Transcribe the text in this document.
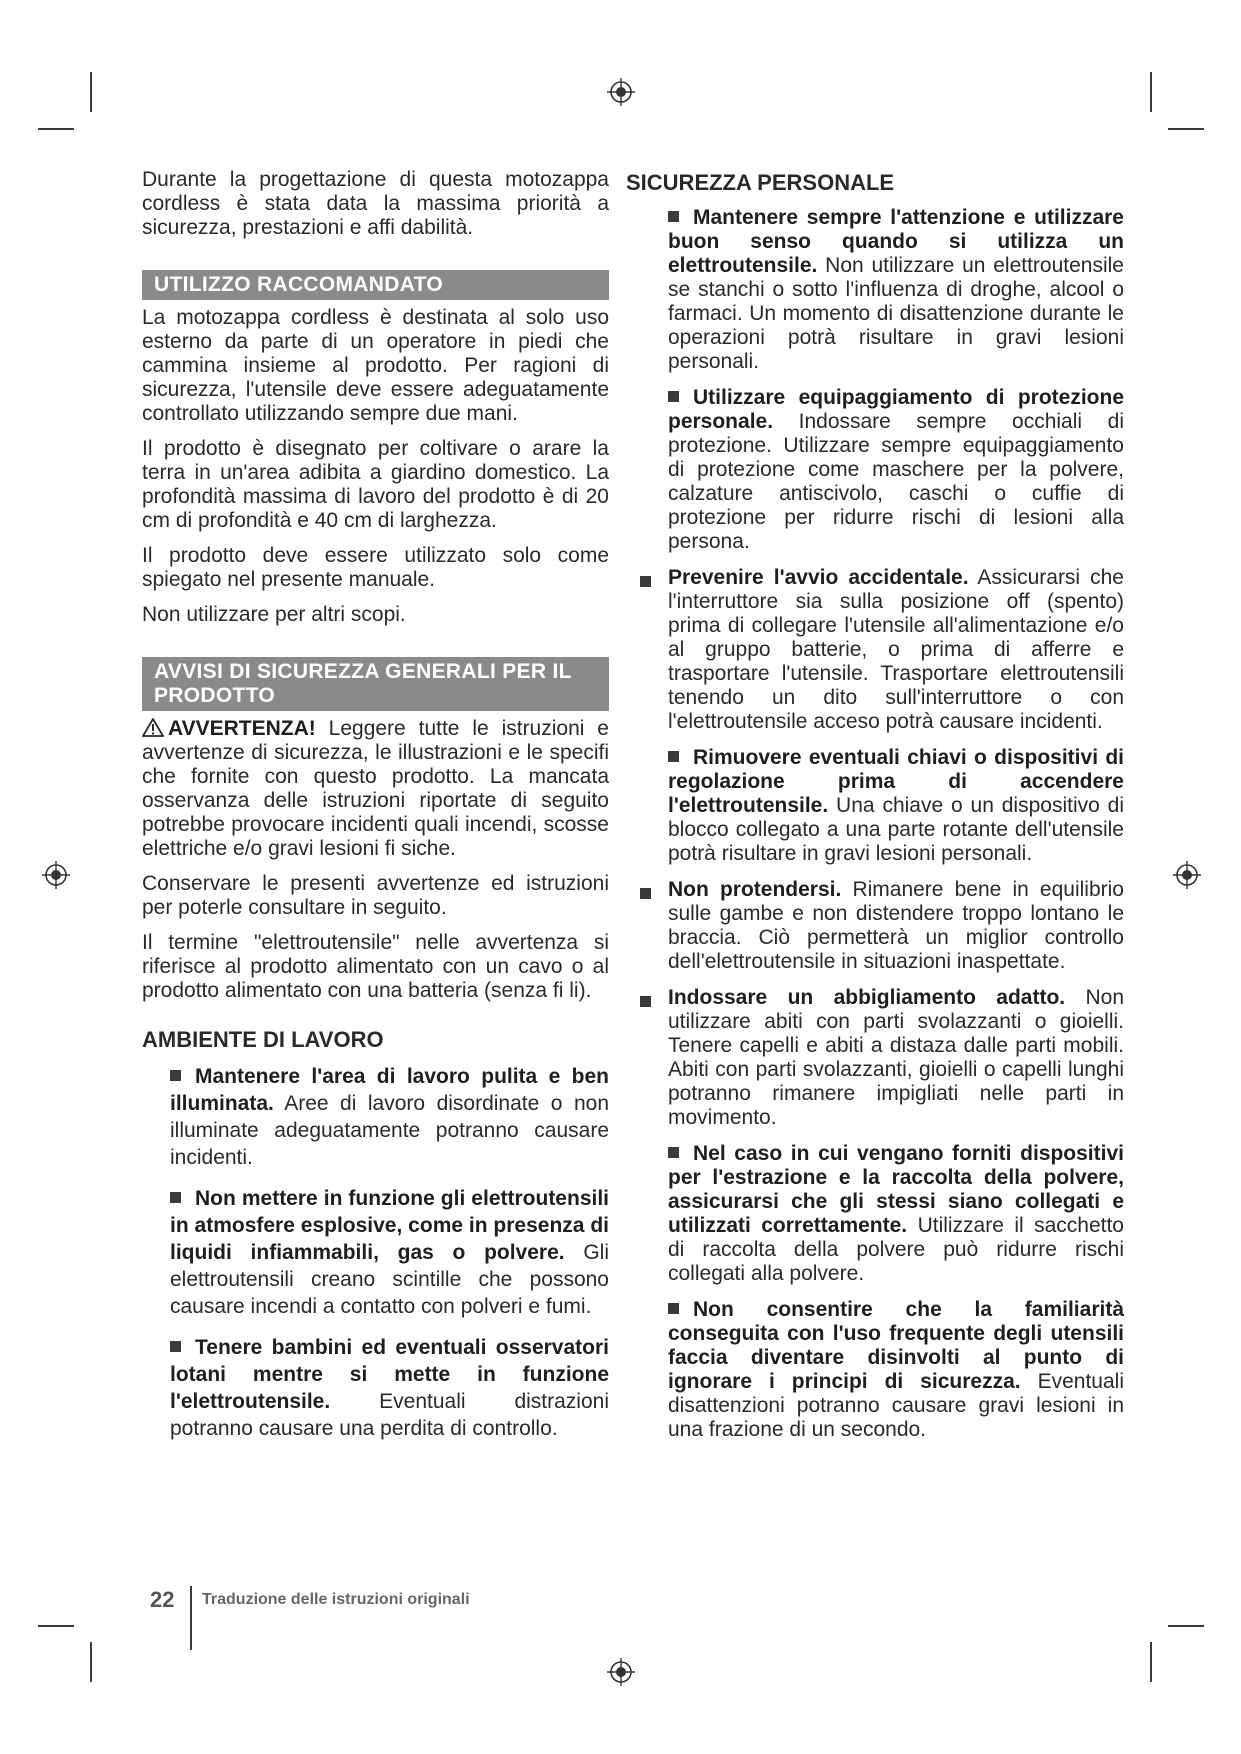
Durante la progettazione di questa motozappa cordless è stata data la massima priorità a sicurezza, prestazioni e affi dabilità.

UTILIZZO RACCOMANDATO

La motozappa cordless è destinata al solo uso esterno da parte di un operatore in piedi che cammina insieme al prodotto. Per ragioni di sicurezza, l'utensile deve essere adeguatamente controllato utilizzando sempre due mani.

Il prodotto è disegnato per coltivare o arare la terra in un'area adibita a giardino domestico. La profondità massima di lavoro del prodotto è di 20 cm di profondità e 40 cm di larghezza.

Il prodotto deve essere utilizzato solo come spiegato nel presente manuale.

Non utilizzare per altri scopi.

AVVISI DI SICUREZZA GENERALI PER IL PRODOTTO

AVVERTENZA! Leggere tutte le istruzioni e avvertenze di sicurezza, le illustrazioni e le specifi che fornite con questo prodotto. La mancata osservanza delle istruzioni riportate di seguito potrebbe provocare incidenti quali incendi, scosse elettriche e/o gravi lesioni fi siche.

Conservare le presenti avvertenze ed istruzioni per poterle consultare in seguito.

Il termine "elettroutensile" nelle avvertenza si riferisce al prodotto alimentato con un cavo o al prodotto alimentato con una batteria (senza fi li).

AMBIENTE DI LAVORO
Mantenere l'area di lavoro pulita e ben illuminata. Aree di lavoro disordinate o non illuminate adeguatamente potranno causare incidenti.
Non mettere in funzione gli elettroutensili in atmosfere esplosive, come in presenza di liquidi infiammabili, gas o polvere. Gli elettroutensili creano scintille che possono causare incendi a contatto con polveri e fumi.
Tenere bambini ed eventuali osservatori lotani mentre si mette in funzione l'elettroutensile. Eventuali distrazioni potranno causare una perdita di controllo.
SICUREZZA PERSONALE
Mantenere sempre l'attenzione e utilizzare buon senso quando si utilizza un elettroutensile. Non utilizzare un elettroutensile se stanchi o sotto l'influenza di droghe, alcool o farmaci. Un momento di disattenzione durante le operazioni potrà risultare in gravi lesioni personali.
Utilizzare equipaggiamento di protezione personale. Indossare sempre occhiali di protezione. Utilizzare sempre equipaggiamento di protezione come maschere per la polvere, calzature antiscivolo, caschi o cuffie di protezione per ridurre rischi di lesioni alla persona.
Prevenire l'avvio accidentale. Assicurarsi che l'interruttore sia sulla posizione off (spento) prima di collegare l'utensile all'alimentazione e/o al gruppo batterie, o prima di afferre e trasportare l'utensile. Trasportare elettroutensili tenendo un dito sull'interruttore o con l'elettroutensile acceso potrà causare incidenti.
Rimuovere eventuali chiavi o dispositivi di regolazione prima di accendere l'elettroutensile. Una chiave o un dispositivo di blocco collegato a una parte rotante dell'utensile potrà risultare in gravi lesioni personali.
Non protendersi. Rimanere bene in equilibrio sulle gambe e non distendere troppo lontano le braccia. Ciò permetterà un miglior controllo dell'elettroutensile in situazioni inaspettate.
Indossare un abbigliamento adatto. Non utilizzare abiti con parti svolazzanti o gioielli. Tenere capelli e abiti a distaza dalle parti mobili. Abiti con parti svolazzanti, gioielli o capelli lunghi potranno rimanere impigliati nelle parti in movimento.
Nel caso in cui vengano forniti dispositivi per l'estrazione e la raccolta della polvere, assicurarsi che gli stessi siano collegati e utilizzati correttamente. Utilizzare il sacchetto di raccolta della polvere può ridurre rischi collegati alla polvere.
Non consentire che la familiarità conseguita con l'uso frequente degli utensili faccia diventare disinvolti al punto di ignorare i principi di sicurezza. Eventuali disattenzioni potranno causare gravi lesioni in una frazione di un secondo.
22 Traduzione delle istruzioni originali
